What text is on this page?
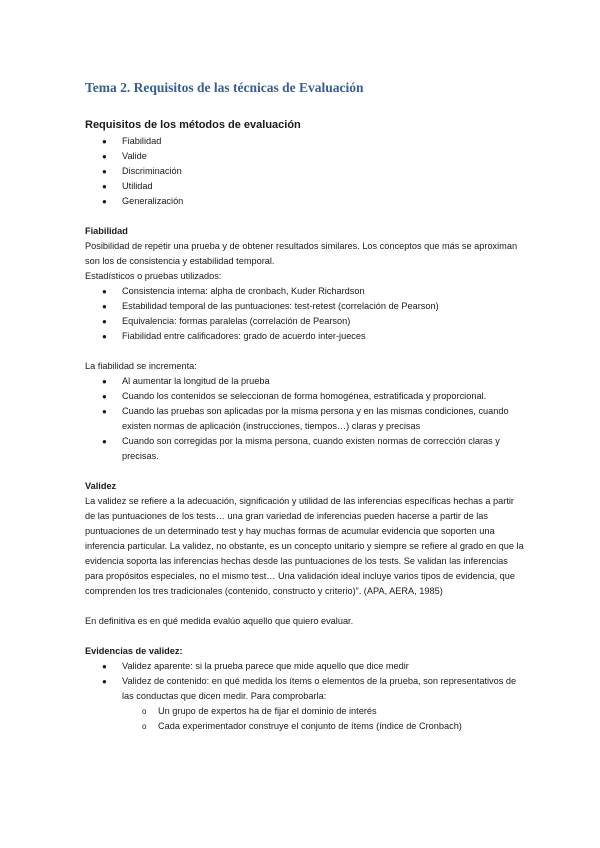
Tema 2. Requisitos de las técnicas de Evaluación

Requisitos de los métodos de evaluación

● Fiabilidad
● Valide
● Discriminación
● Utilidad
● Generalización

Fiabilidad

Posibilidad de repetir una prueba y de obtener resultados similares. Los conceptos que más se aproximan son los de consistencia y estabilidad temporal.

Estadísticos o pruebas utilizados:

● Consistencia interna: alpha de cronbach, Kuder Richardson
● Estabilidad temporal de las puntuaciones: test-retest (correlación de Pearson)
● Equivalencia: formas paralelas (correlación de Pearson)
● Fiabilidad entre calificadores: grado de acuerdo inter-jueces

La fiabilidad se incrementa:

● Al aumentar la longitud de la prueba
● Cuando los contenidos se seleccionan de forma homogénea, estratificada y proporcional.
● Cuando las pruebas son aplicadas por la misma persona y en las mismas condiciones, cuando existen normas de aplicación (instrucciones, tiempos…) claras y precisas
● Cuando son corregidas por la misma persona, cuando existen normas de corrección claras y precisas.

Validez

La validez se refiere a la adecuación, significación y utilidad de las inferencias específicas hechas a partir de las puntuaciones de los tests… una gran variedad de inferencias pueden hacerse a partir de las puntuaciones de un determinado test y hay muchas formas de acumular evidencia que soporten una inferencia particular. La validez, no obstante, es un concepto unitario y siempre se refiere al grado en que la evidencia soporta las inferencias hechas desde las puntuaciones de los tests. Se validan las inferencias para propósitos especiales, no el mismo test… Una validación ideal incluye varios tipos de evidencia, que comprenden los tres tradicionales (contenido, constructo y criterio)”. (APA, AERA, 1985)

En definitiva es en qué medida evalúo aquello que quiero evaluar.

Evidencias de validez:

● Validez aparente: si la prueba parece que mide aquello que dice medir
● Validez de contenido: en qué medida los ítems o elementos de la prueba, son representativos de las conductas que dicen medir. Para comprobarla:
o Un grupo de expertos ha de fijar el dominio de interés
o Cada experimentador construye el conjunto de ítems (índice de Cronbach)
